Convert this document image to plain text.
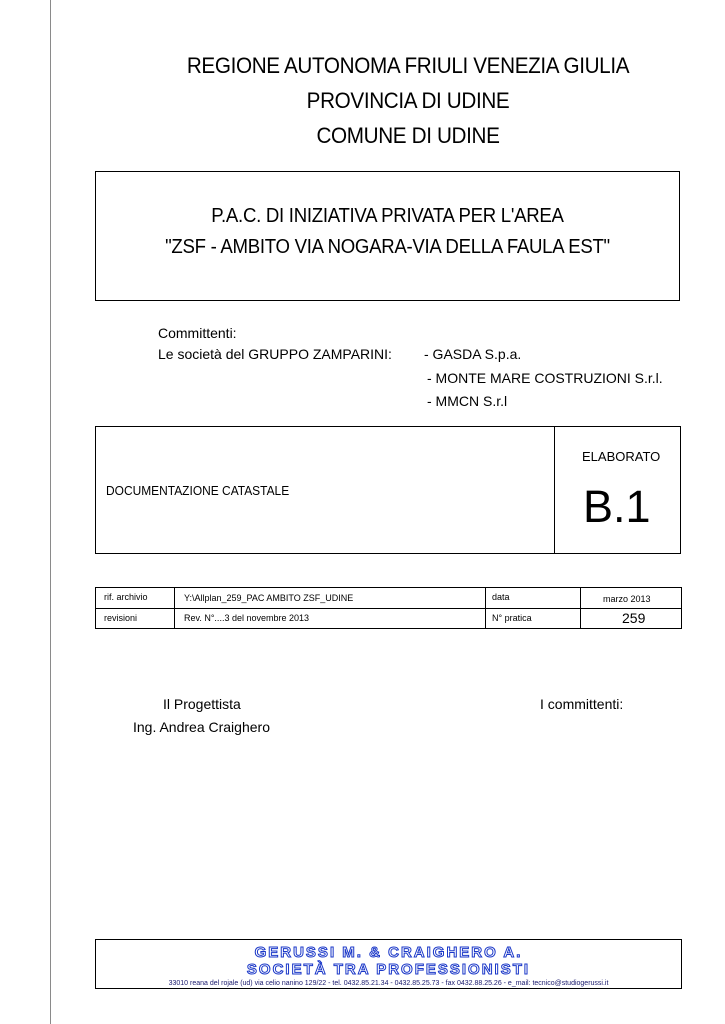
REGIONE AUTONOMA FRIULI VENEZIA GIULIA
PROVINCIA DI UDINE
COMUNE DI UDINE
P.A.C. DI INIZIATIVA PRIVATA PER L'AREA
"ZSF - AMBITO VIA NOGARA-VIA DELLA FAULA EST"
Committenti:
Le società del GRUPPO ZAMPARINI: - GASDA S.p.a.
- MONTE MARE COSTRUZIONI S.r.l.
- MMCN S.r.l
DOCUMENTAZIONE CATASTALE
ELABORATO
B.1
rif. archivio	Y:\Allplan_259_PAC AMBITO ZSF_UDINE	data	marzo 2013
revisioni	Rev. N°....3 del novembre 2013	N° pratica	259
Il Progettista
Ing. Andrea Craighero
I committenti:
GERUSSI M. & CRAIGHERO A.
SOCIETÀ TRA PROFESSIONISTI
33010 reana del rojale (ud) via celio nanino 129/22 - tel. 0432.85.21.34 - 0432.85.25.73 - fax 0432.88.25.26 - e_mail: tecnico@studiogerussi.it
